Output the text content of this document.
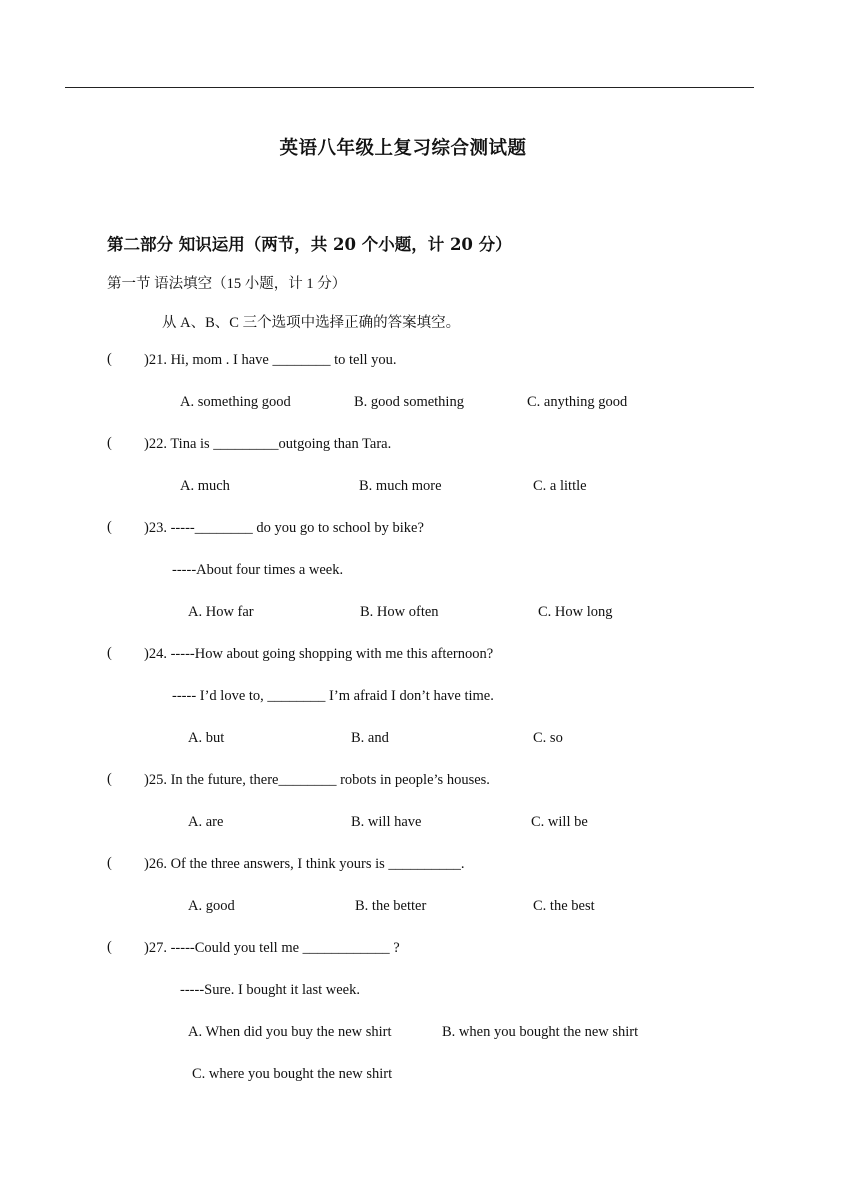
英语八年级上复习综合测试题
第二部分 知识运用（两节，共 20 个小题，计 20 分）
第一节 语法填空（15 小题，计 1 分）
从 A、B、C 三个选项中选择正确的答案填空。
( )21. Hi, mom . I have ________ to tell you.
A. something good	B. good something	C. anything good
( )22. Tina is _________outgoing than Tara.
A. much	B. much more	C. a little
( )23. -----________ do you go to school by bike?
-----About four times a week.
A. How far	B. How often	C. How long
( )24. -----How about going shopping with me this afternoon?
----- I’d love to, ________ I’m afraid I don’t have time.
A. but	B. and	C. so
( )25. In the future, there________ robots in people’s houses.
A. are	B. will have	C. will be
( )26. Of the three answers, I think yours is __________.
A. good	B. the better	C. the best
( )27. -----Could you tell me ____________ ?
-----Sure. I bought it last week.
A. When did you buy the new shirt	B. when you bought the new shirt
C. where you bought the new shirt
